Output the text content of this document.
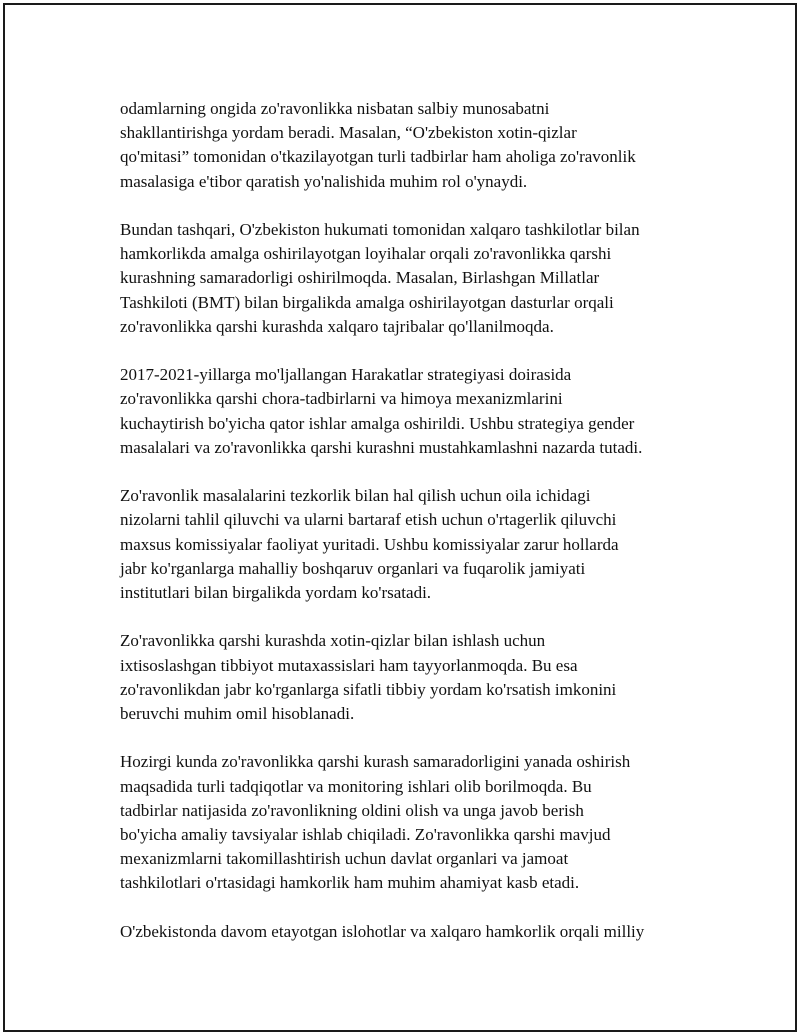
odamlarning ongida zo'ravonlikka nisbatan salbiy munosabatni
shakllantirishga yordam beradi. Masalan, “O'zbekiston xotin-qizlar
qo'mitasi” tomonidan o'tkazilayotgan turli tadbirlar ham aholiga zo'ravonlik
masalasiga e'tibor qaratish yo'nalishida muhim rol o'ynaydi.

Bundan tashqari, O'zbekiston hukumati tomonidan xalqaro tashkilotlar bilan
hamkorlikda amalga oshirilayotgan loyihalar orqali zo'ravonlikka qarshi
kurashning samaradorligi oshirilmoqda. Masalan, Birlashgan Millatlar
Tashkiloti (BMT) bilan birgalikda amalga oshirilayotgan dasturlar orqali
zo'ravonlikka qarshi kurashda xalqaro tajribalar qo'llanilmoqda.

2017-2021-yillarga mo'ljallangan Harakatlar strategiyasi doirasida
zo'ravonlikka qarshi chora-tadbirlarni va himoya mexanizmlarini
kuchaytirish bo'yicha qator ishlar amalga oshirildi. Ushbu strategiya gender
masalalari va zo'ravonlikka qarshi kurashni mustahkamlashni nazarda tutadi.

Zo'ravonlik masalalarini tezkorlik bilan hal qilish uchun oila ichidagi
nizolarni tahlil qiluvchi va ularni bartaraf etish uchun o'rtagerlik qiluvchi
maxsus komissiyalar faoliyat yuritadi. Ushbu komissiyalar zarur hollarda
jabr ko'rganlarga mahalliy boshqaruv organlari va fuqarolik jamiyati
institutlari bilan birgalikda yordam ko'rsatadi.

Zo'ravonlikka qarshi kurashda xotin-qizlar bilan ishlash uchun
ixtisoslashgan tibbiyot mutaxassislari ham tayyorlanmoqda. Bu esa
zo'ravonlikdan jabr ko'rganlarga sifatli tibbiy yordam ko'rsatish imkonini
beruvchi muhim omil hisoblanadi.

Hozirgi kunda zo'ravonlikka qarshi kurash samaradorligini yanada oshirish
maqsadida turli tadqiqotlar va monitoring ishlari olib borilmoqda. Bu
tadbirlar natijasida zo'ravonlikning oldini olish va unga javob berish
bo'yicha amaliy tavsiyalar ishlab chiqiladi. Zo'ravonlikka qarshi mavjud
mexanizmlarni takomillashtirish uchun davlat organlari va jamoat
tashkilotlari o'rtasidagi hamkorlik ham muhim ahamiyat kasb etadi.

O'zbekistonda davom etayotgan islohotlar va xalqaro hamkorlik orqali milliy
